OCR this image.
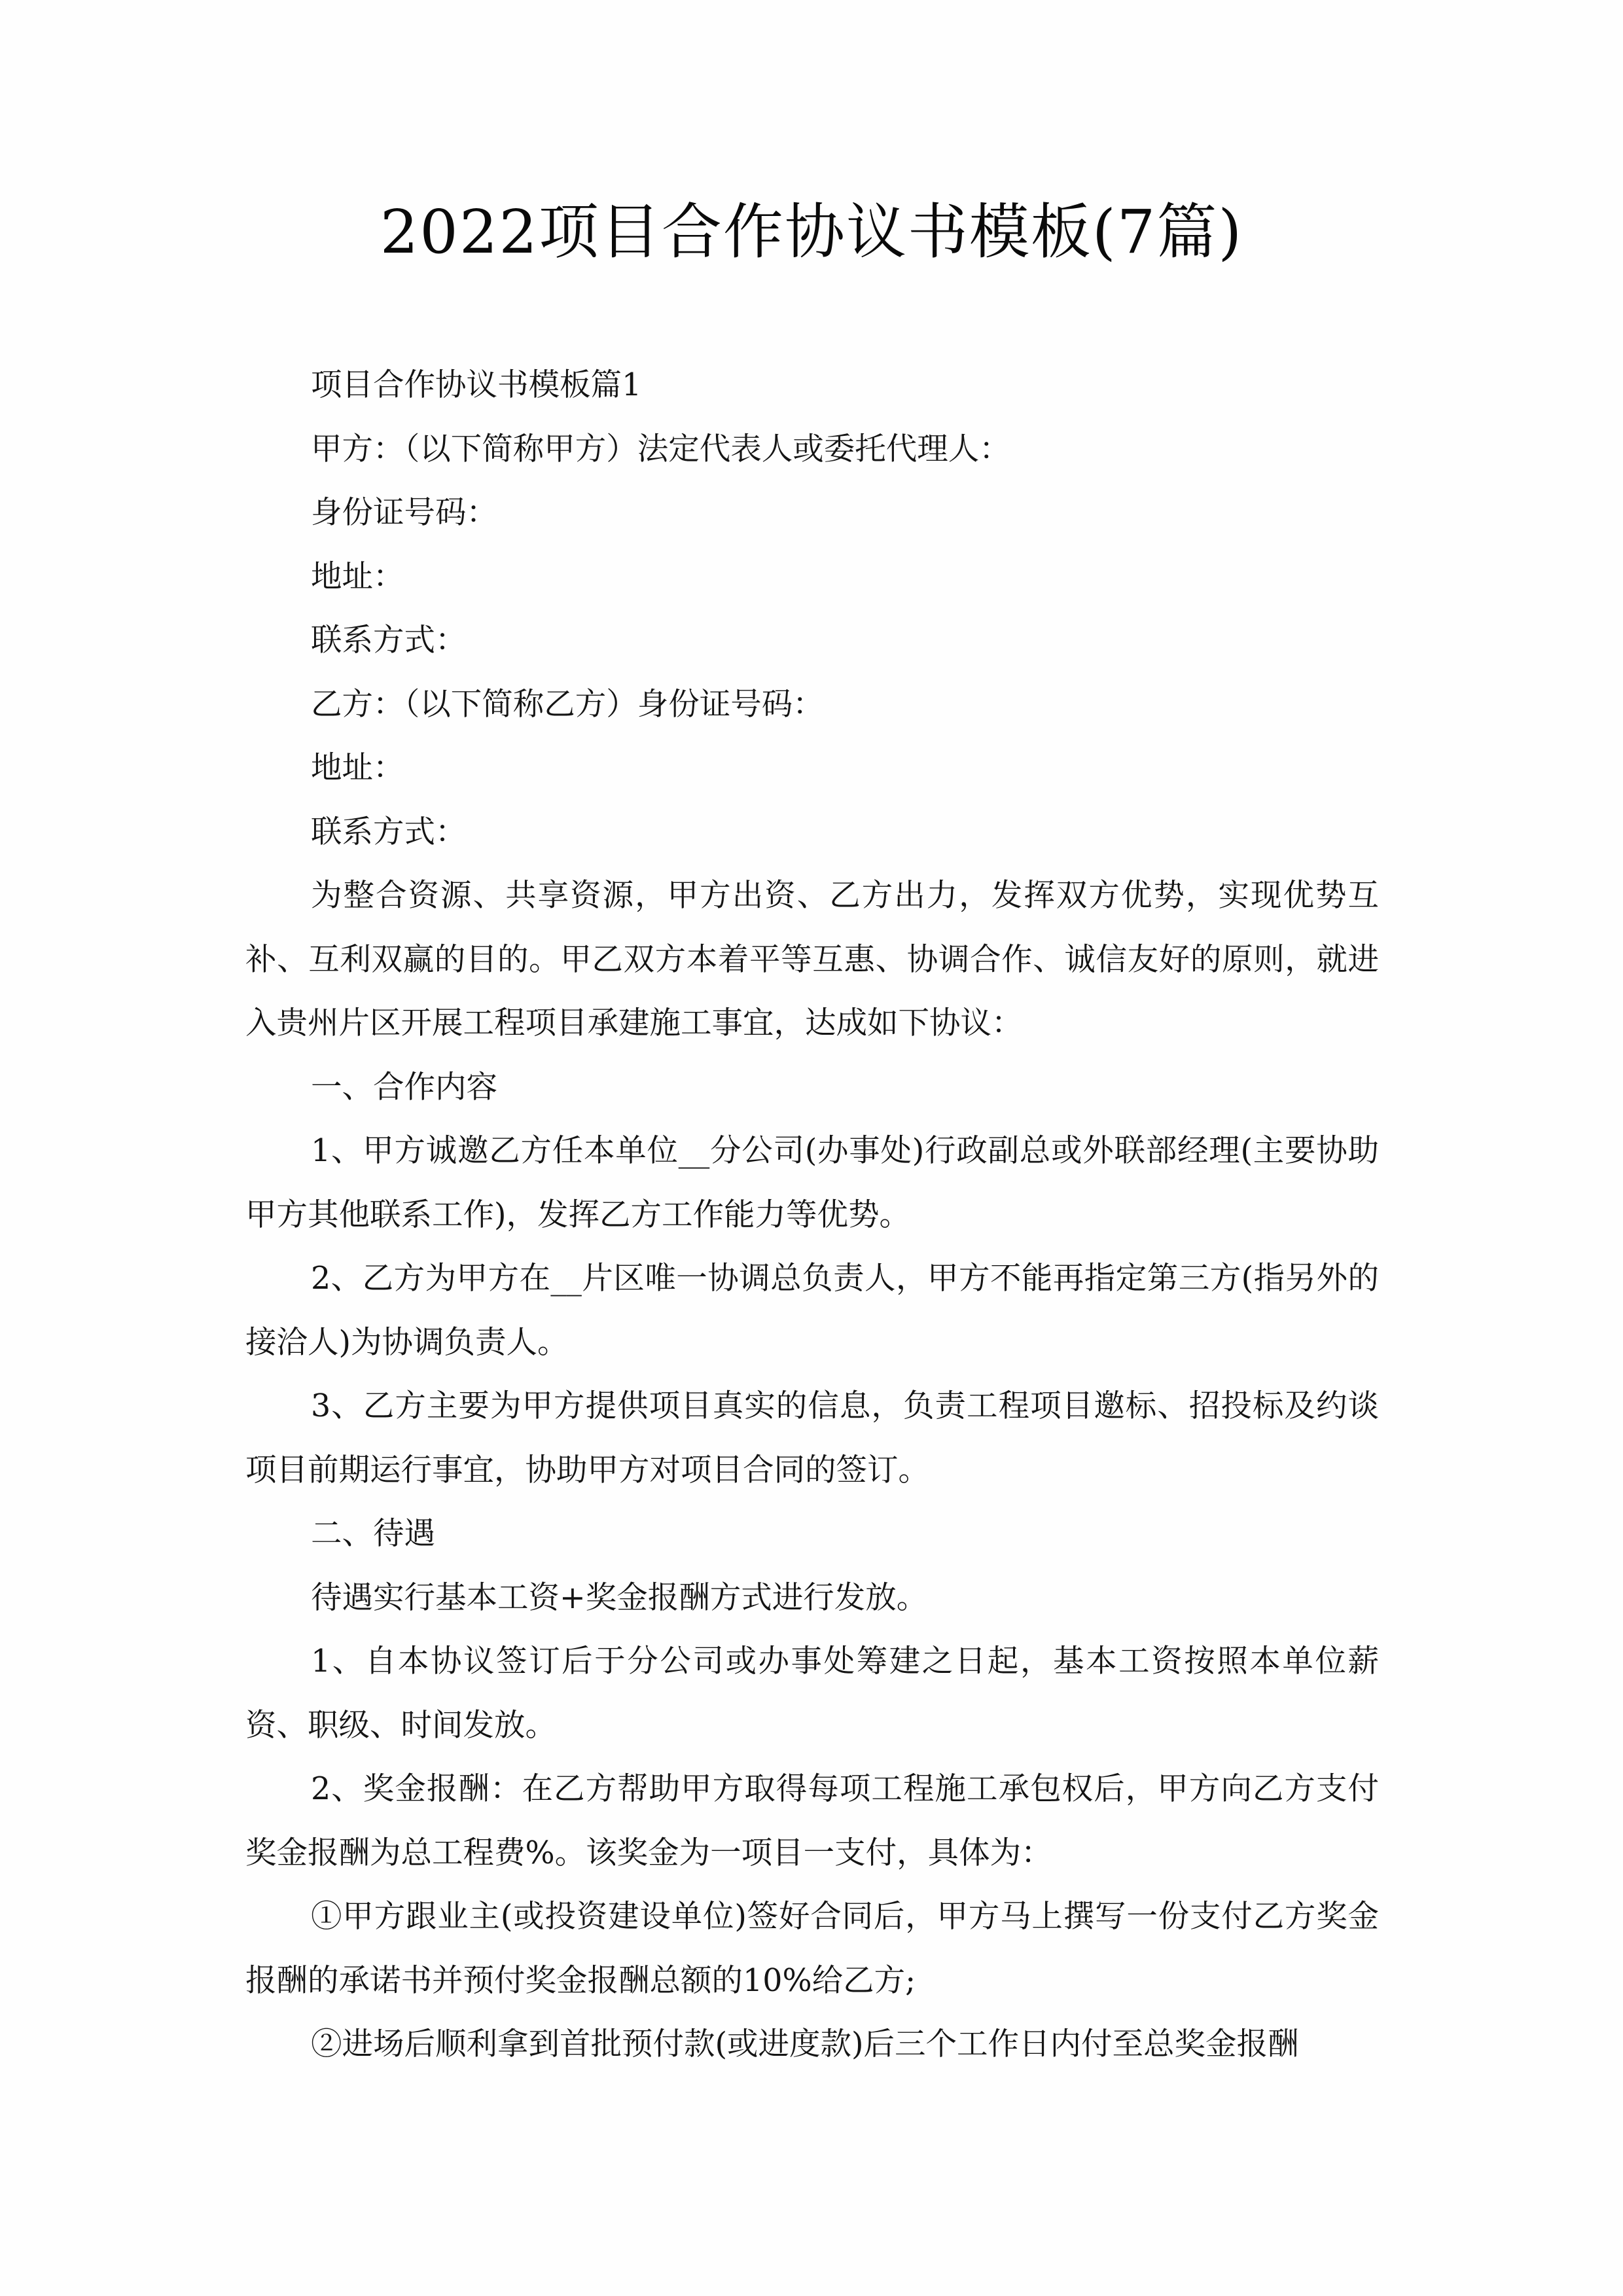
2022项目合作协议书模板(7篇)

项目合作协议书模板篇1

甲方：（以下简称甲方）法定代表人或委托代理人：

身份证号码：

地址：

联系方式：

乙方：（以下简称乙方）身份证号码：

地址：

联系方式：

为整合资源、共享资源，甲方出资、乙方出力，发挥双方优势，实现优势互补、互利双赢的目的。甲乙双方本着平等互惠、协调合作、诚信友好的原则，就进入贵州片区开展工程项目承建施工事宜，达成如下协议：

一、合作内容

1、甲方诚邀乙方任本单位__分公司(办事处)行政副总或外联部经理(主要协助甲方其他联系工作)，发挥乙方工作能力等优势。

2、乙方为甲方在__片区唯一协调总负责人，甲方不能再指定第三方(指另外的接洽人)为协调负责人。

3、乙方主要为甲方提供项目真实的信息，负责工程项目邀标、招投标及约谈项目前期运行事宜，协助甲方对项目合同的签订。

二、待遇

待遇实行基本工资+奖金报酬方式进行发放。

1、自本协议签订后于分公司或办事处筹建之日起，基本工资按照本单位薪资、职级、时间发放。

2、奖金报酬：在乙方帮助甲方取得每项工程施工承包权后，甲方向乙方支付奖金报酬为总工程费%。该奖金为一项目一支付，具体为：

①甲方跟业主(或投资建设单位)签好合同后，甲方马上撰写一份支付乙方奖金报酬的承诺书并预付奖金报酬总额的10%给乙方;

②进场后顺利拿到首批预付款(或进度款)后三个工作日内付至总奖金报酬
